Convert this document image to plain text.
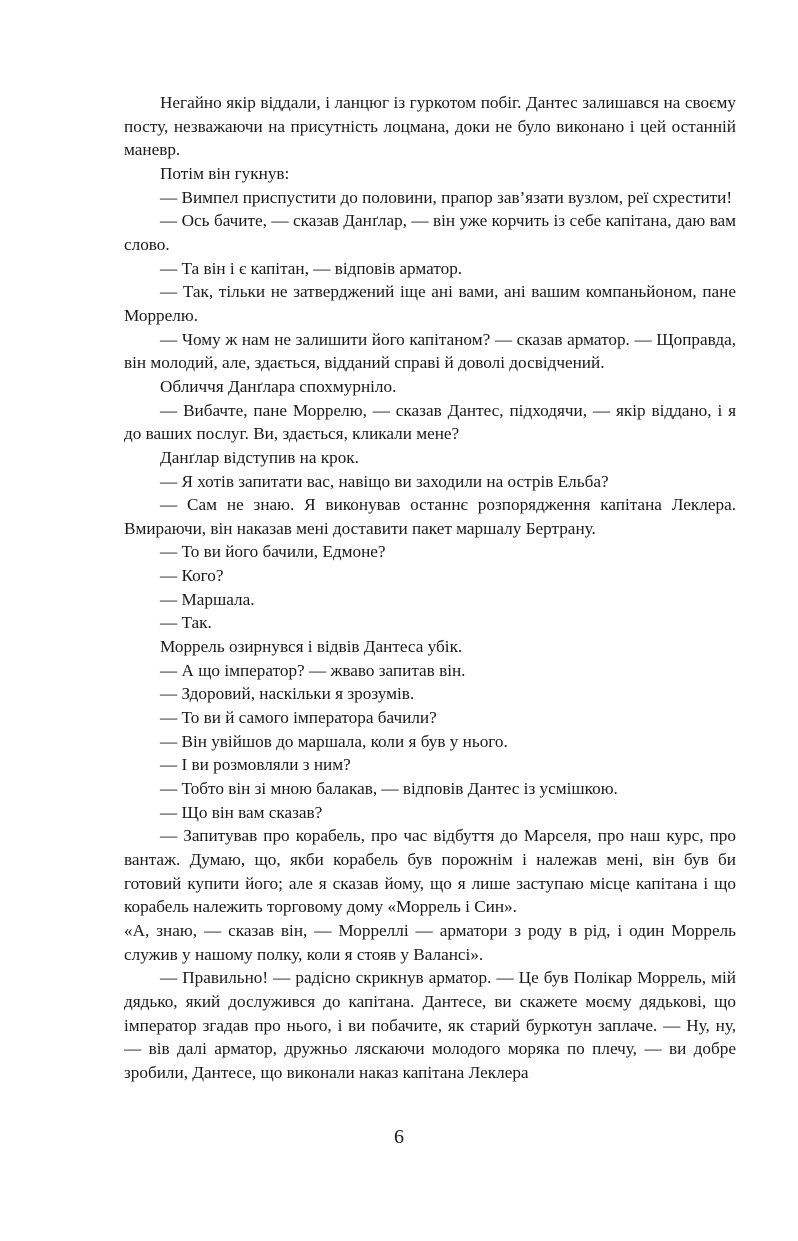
Негайно якір віддали, і ланцюг із гуркотом побіг. Дантес залишався на своєму посту, незважаючи на присутність лоцмана, доки не було виконано і цей останній маневр.

Потім він гукнув:

— Вимпел приспустити до половини, прапор зав’язати вузлом, реї схрестити!

— Ось бачите, — сказав Данґлар, — він уже корчить із себе капітана, даю вам слово.

— Та він і є капітан, — відповів арматор.

— Так, тільки не затверджений іще ані вами, ані вашим компаньйоном, пане Моррелю.

— Чому ж нам не залишити його капітаном? — сказав арматор. — Щоправда, він молодий, але, здається, відданий справі й доволі досвідчений.

Обличчя Данґлара спохмурніло.

— Вибачте, пане Моррелю, — сказав Дантес, підходячи, — якір віддано, і я до ваших послуг. Ви, здається, кликали мене?

Данґлар відступив на крок.

— Я хотів запитати вас, навіщо ви заходили на острів Ельба?

— Сам не знаю. Я виконував останнє розпорядження капітана Леклера. Вмираючи, він наказав мені доставити пакет маршалу Бертрану.

— То ви його бачили, Едмоне?

— Кого?

— Маршала.

— Так.

Моррель озирнувся і відвів Дантеса убік.

— А що імператор? — жваво запитав він.

— Здоровий, наскільки я зрозумів.

— То ви й самого імператора бачили?

— Він увійшов до маршала, коли я був у нього.

— І ви розмовляли з ним?

— Тобто він зі мною балакав, — відповів Дантес із усмішкою.

— Що він вам сказав?

— Запитував про корабель, про час відбуття до Марселя, про наш курс, про вантаж. Думаю, що, якби корабель був порожнім і належав мені, він був би готовий купити його; але я сказав йому, що я лише заступаю місце капітана і що корабель належить торговому дому «Моррель і Син».

«А, знаю, — сказав він, — Морреллі — арматори з роду в рід, і один Моррель служив у нашому полку, коли я стояв у Валансі».

— Правильно! — радісно скрикнув арматор. — Це був Полікар Моррель, мій дядько, який дослужився до капітана. Дантесе, ви скажете моєму дядькові, що імператор згадав про нього, і ви побачите, як старий буркотун заплаче. — Ну, ну, — вів далі арматор, дружньо ляскаючи молодого моряка по плечу, — ви добре зробили, Дантесе, що виконали наказ капітана Леклера

6
